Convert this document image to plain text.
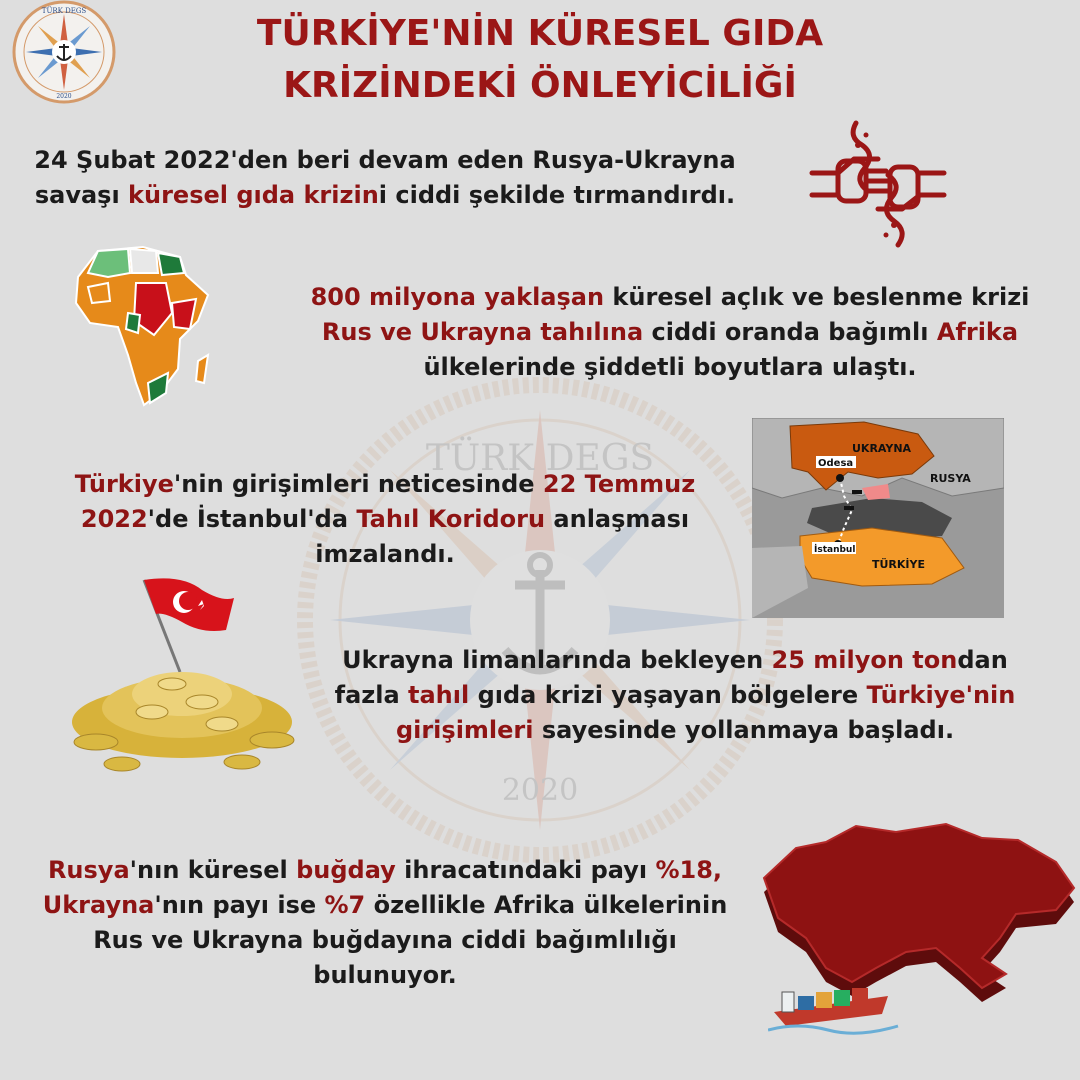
TÜRK DEGS
2020
TÜRK DEGS
2020
TÜRKİYE'NİN KÜRESEL GIDA
KRİZİNDEKİ ÖNLEYİCİLİĞİ
24 Şubat 2022'den beri devam eden Rusya-Ukrayna
savaşı küresel gıda krizini ciddi şekilde tırmandırdı.
800 milyona yaklaşan küresel açlık ve beslenme krizi
Rus ve Ukrayna tahılına ciddi oranda bağımlı Afrika
ülkelerinde şiddetli boyutlara ulaştı.
Odesa
UKRAYNA
RUSYA
İstanbul
TÜRKİYE
Türkiye'nin girişimleri neticesinde 22 Temmuz
2022'de İstanbul'da Tahıl Koridoru anlaşması
imzalandı.
Ukrayna limanlarında bekleyen 25 milyon tondan
fazla tahıl gıda krizi yaşayan bölgelere Türkiye'nin
girişimleri sayesinde yollanmaya başladı.
Rusya'nın küresel buğday ihracatındaki payı %18,
Ukrayna'nın payı ise %7 özellikle Afrika ülkelerinin
Rus ve Ukrayna buğdayına ciddi bağımlılığı
bulunuyor.
